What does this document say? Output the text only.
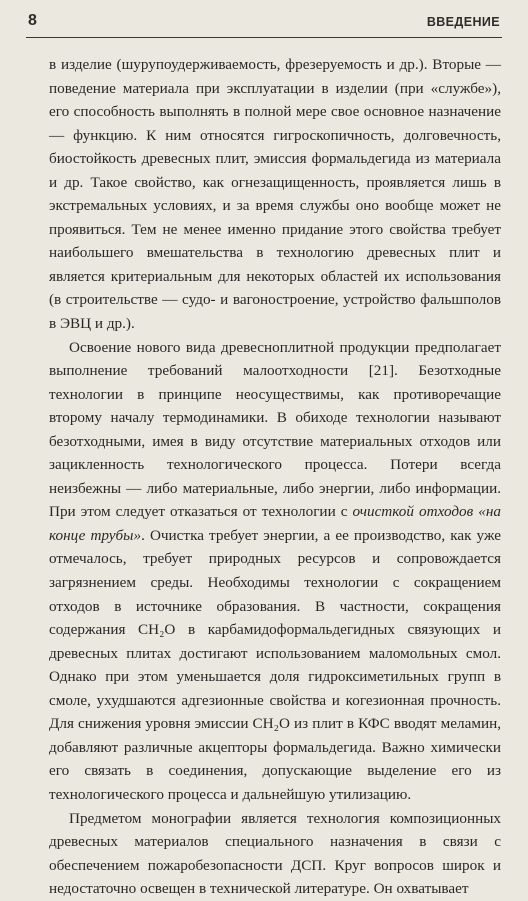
8	ВВЕДЕНИЕ

в изделие (шурупоудерживаемость, фрезеруемость и др.). Вторые — поведение материала при эксплуатации в изделии (при «службе»), его способность выполнять в полной мере свое основное назначение — функцию. К ним относятся гигроскопичность, долговечность, биостойкость древесных плит, эмиссия формальдегида из материала и др. Такое свойство, как огнезащищенность, проявляется лишь в экстремальных условиях, и за время службы оно вообще может не проявиться. Тем не менее именно придание этого свойства требует наибольшего вмешательства в технологию древесных плит и является критериальным для некоторых областей их использования (в строительстве — судо- и вагоностроение, устройство фальшполов в ЭВЦ и др.).

Освоение нового вида древесноплитной продукции предполагает выполнение требований малоотходности [21]. Безотходные технологии в принципе неосуществимы, как противоречащие второму началу термодинамики. В обиходе технологии называют безотходными, имея в виду отсутствие материальных отходов или зацикленность технологического процесса. Потери всегда неизбежны — либо материальные, либо энергии, либо информации. При этом следует отказаться от технологии с очисткой отходов «на конце трубы». Очистка требует энергии, а ее производство, как уже отмечалось, требует природных ресурсов и сопровождается загрязнением среды. Необходимы технологии с сокращением отходов в источнике образования. В частности, сокращения содержания CH₂O в карбамидоформальдегидных связующих и древесных плитах достигают использованием маломольных смол. Однако при этом уменьшается доля гидроксиметильных групп в смоле, ухудшаются адгезионные свойства и когезионная прочность. Для снижения уровня эмиссии CH₂O из плит в КФС вводят меламин, добавляют различные акцепторы формальдегида. Важно химически его связать в соединения, допускающие выделение его из технологического процесса и дальнейшую утилизацию.

Предметом монографии является технология композиционных древесных материалов специального назначения в связи с обеспечением пожаробезопасности ДСП. Круг вопросов широк и недостаточно освещен в технической литературе. Он охватывает
